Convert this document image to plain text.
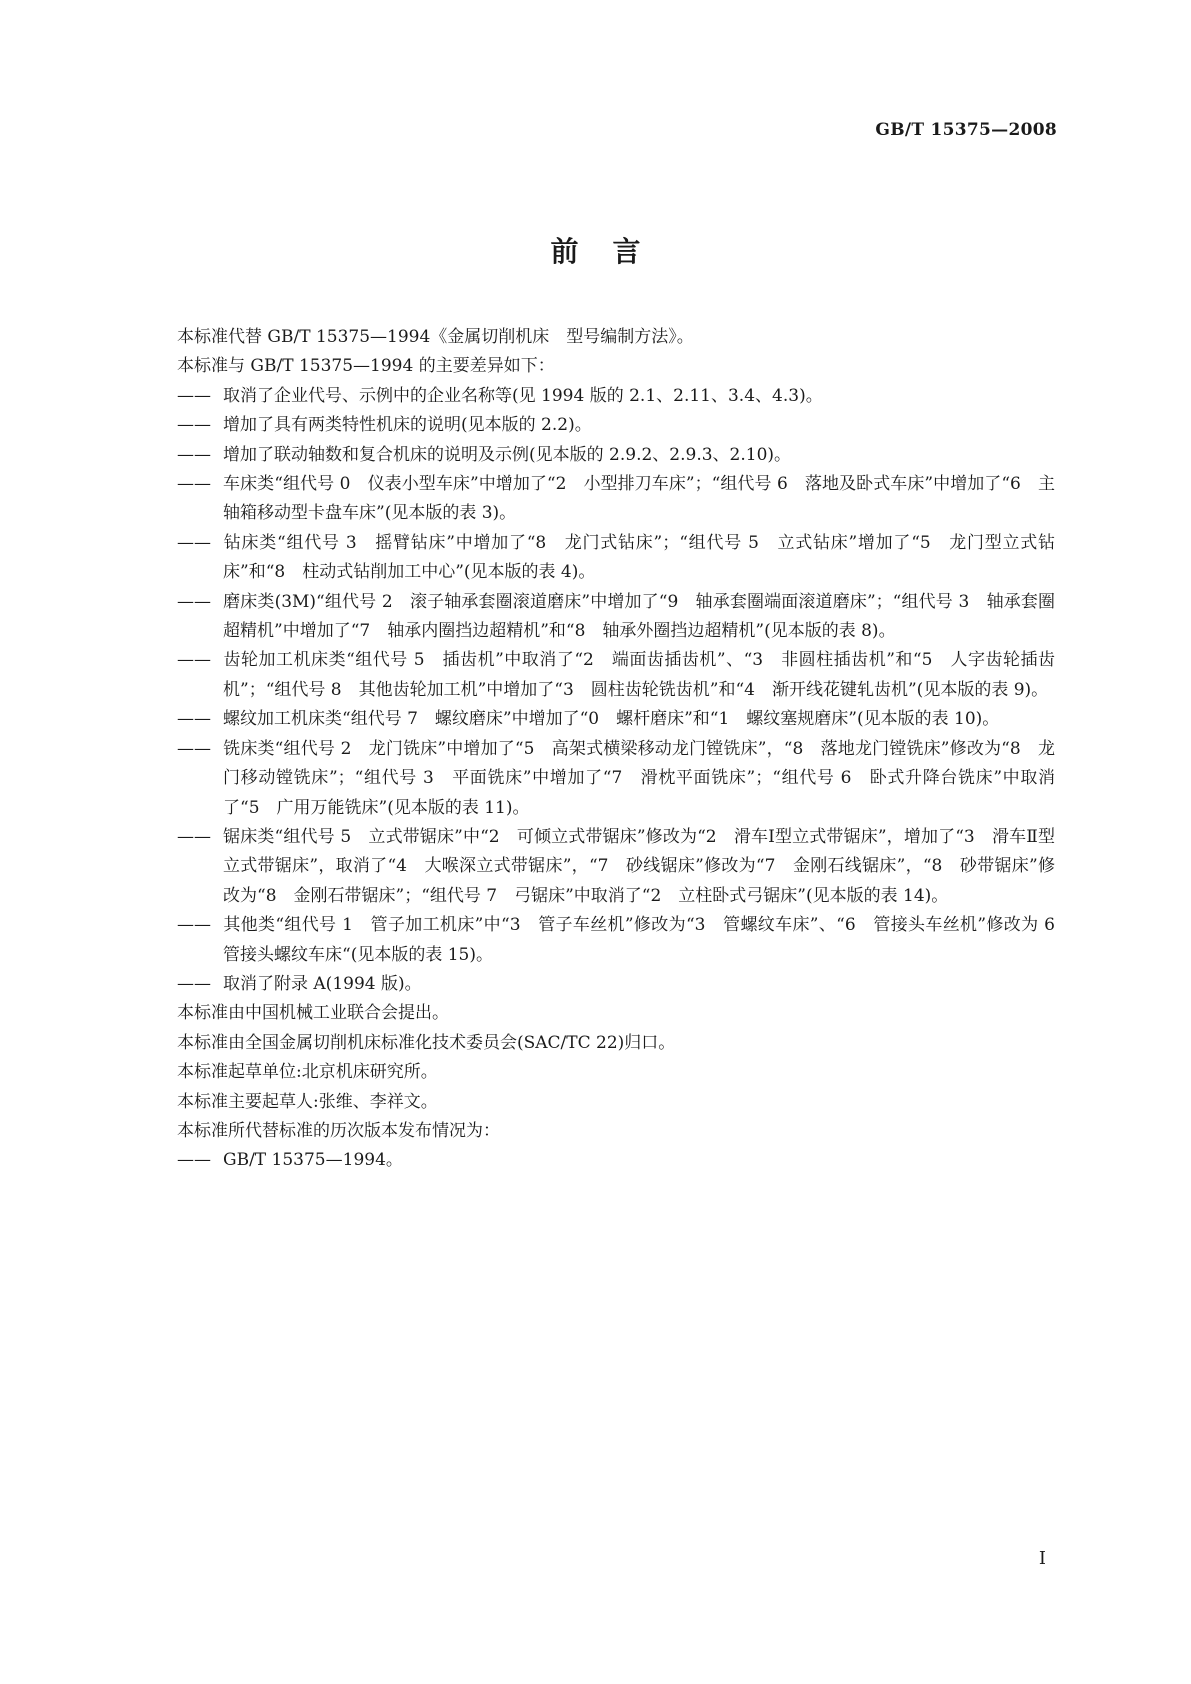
GB/T 15375—2008
前言

本标准代替 GB/T 15375—1994《金属切削机床　型号编制方法》。

本标准与 GB/T 15375—1994 的主要差异如下：

—— 取消了企业代号、示例中的企业名称等(见 1994 版的 2.1、2.11、3.4、4.3)。

—— 增加了具有两类特性机床的说明(见本版的 2.2)。

—— 增加了联动轴数和复合机床的说明及示例(见本版的 2.9.2、2.9.3、2.10)。

—— 车床类“组代号 0　仪表小型车床”中增加了“2　小型排刀车床”；“组代号 6　落地及卧式车床”中增加了“6　主轴箱移动型卡盘车床”(见本版的表 3)。

—— 钻床类“组代号 3　摇臂钻床”中增加了“8　龙门式钻床”；“组代号 5　立式钻床”增加了“5　龙门型立式钻床”和“8　柱动式钻削加工中心”(见本版的表 4)。

—— 磨床类(3M)“组代号 2　滚子轴承套圈滚道磨床”中增加了“9　轴承套圈端面滚道磨床”；“组代号 3　轴承套圈超精机”中增加了“7　轴承内圈挡边超精机”和“8　轴承外圈挡边超精机”(见本版的表 8)。

—— 齿轮加工机床类“组代号 5　插齿机”中取消了“2　端面齿插齿机”、“3　非圆柱插齿机”和“5　人字齿轮插齿机”；“组代号 8　其他齿轮加工机”中增加了“3　圆柱齿轮铣齿机”和“4　渐开线花键轧齿机”(见本版的表 9)。

—— 螺纹加工机床类“组代号 7　螺纹磨床”中增加了“0　螺杆磨床”和“1　螺纹塞规磨床”(见本版的表 10)。

—— 铣床类“组代号 2　龙门铣床”中增加了“5　高架式横梁移动龙门镗铣床”，“8　落地龙门镗铣床”修改为“8　龙门移动镗铣床”；“组代号 3　平面铣床”中增加了“7　滑枕平面铣床”；“组代号 6　卧式升降台铣床”中取消了“5　广用万能铣床”(见本版的表 11)。

—— 锯床类“组代号 5　立式带锯床”中“2　可倾立式带锯床”修改为“2　滑车Ⅰ型立式带锯床”，增加了“3　滑车Ⅱ型立式带锯床”，取消了“4　大喉深立式带锯床”，“7　砂线锯床”修改为“7　金刚石线锯床”，“8　砂带锯床”修改为“8　金刚石带锯床”；“组代号 7　弓锯床”中取消了“2　立柱卧式弓锯床”(见本版的表 14)。

—— 其他类“组代号 1　管子加工机床”中“3　管子车丝机”修改为“3　管螺纹车床”、“6　管接头车丝机”修改为 6　管接头螺纹车床“(见本版的表 15)。

—— 取消了附录 A(1994 版)。

本标准由中国机械工业联合会提出。

本标准由全国金属切削机床标准化技术委员会(SAC/TC 22)归口。

本标准起草单位:北京机床研究所。

本标准主要起草人:张维、李祥文。

本标准所代替标准的历次版本发布情况为：

—— GB/T 15375—1994。

I
